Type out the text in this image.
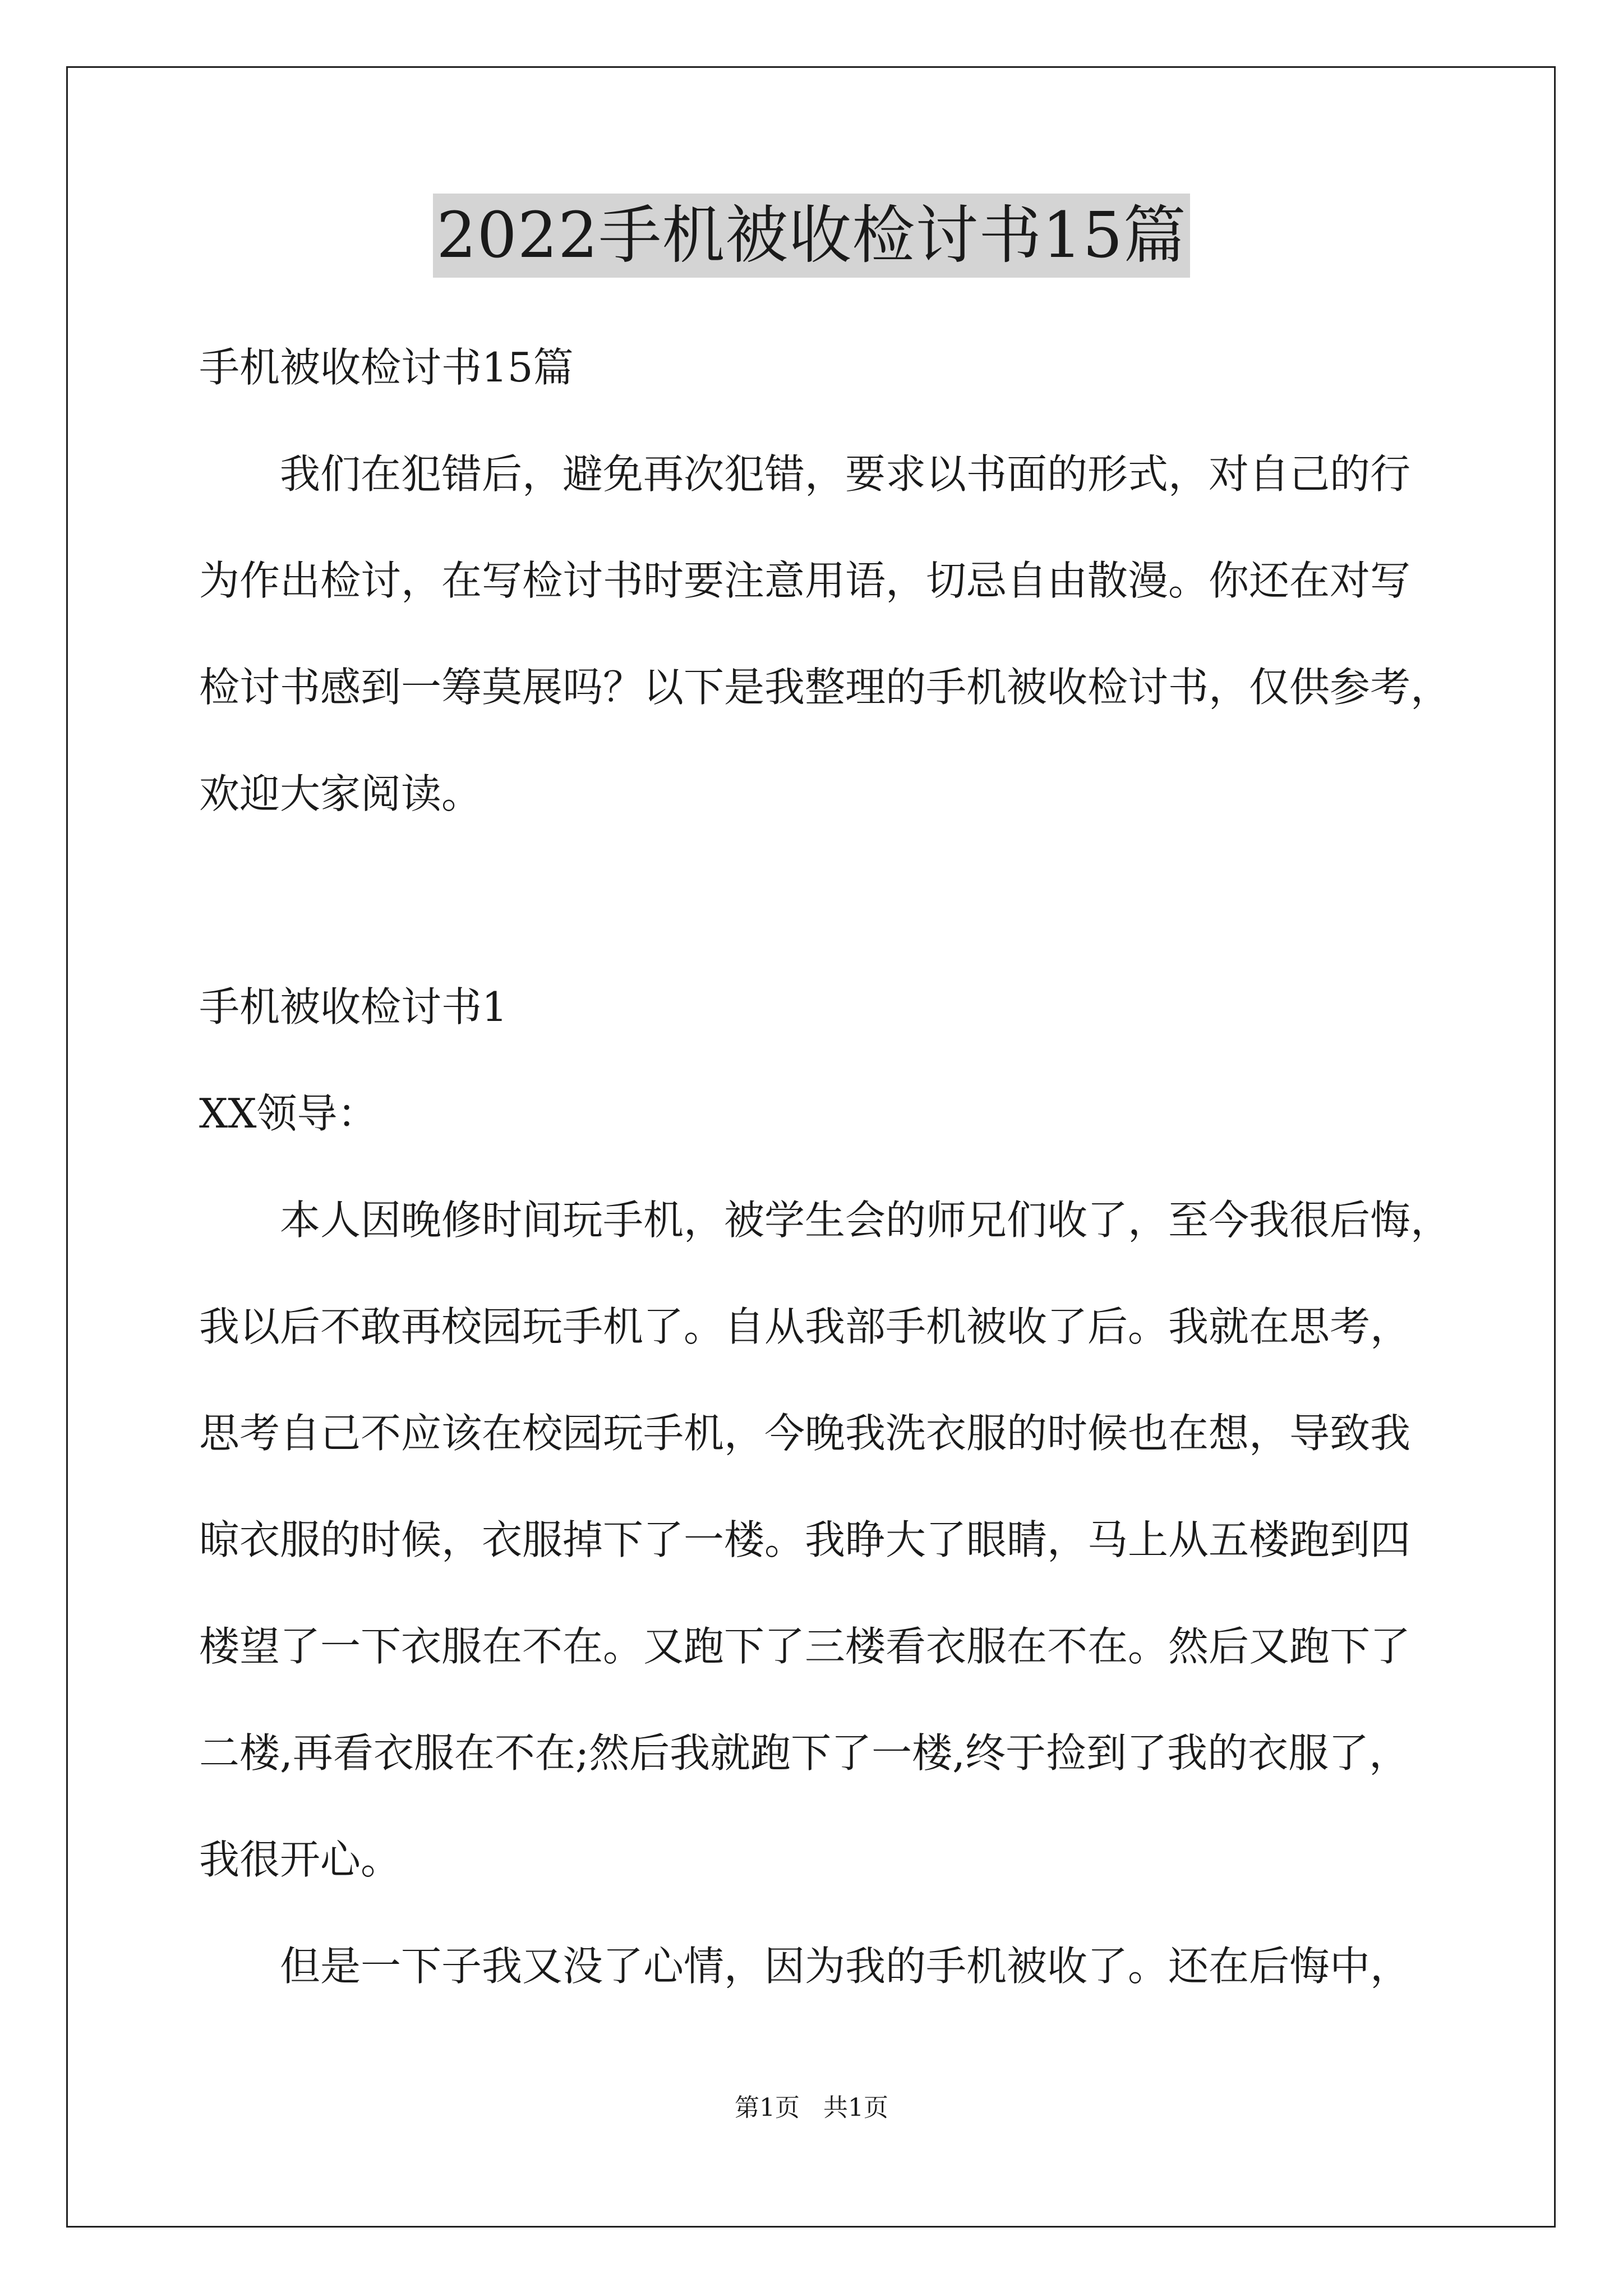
2022手机被收检讨书15篇
手机被收检讨书15篇
我们在犯错后，避免再次犯错，要求以书面的形式，对自己的行
为作出检讨，在写检讨书时要注意用语，切忌自由散漫。你还在对写
检讨书感到一筹莫展吗？以下是我整理的手机被收检讨书，仅供参考，
欢迎大家阅读。
手机被收检讨书1
XX领导：
本人因晚修时间玩手机，被学生会的师兄们收了，至今我很后悔，
我以后不敢再校园玩手机了。自从我部手机被收了后。我就在思考，
思考自己不应该在校园玩手机，今晚我洗衣服的时候也在想，导致我
晾衣服的时候，衣服掉下了一楼。我睁大了眼睛，马上从五楼跑到四
楼望了一下衣服在不在。又跑下了三楼看衣服在不在。然后又跑下了
二楼,再看衣服在不在;然后我就跑下了一楼,终于捡到了我的衣服了，
我很开心。
但是一下子我又没了心情，因为我的手机被收了。还在后悔中，
第1页 共1页
